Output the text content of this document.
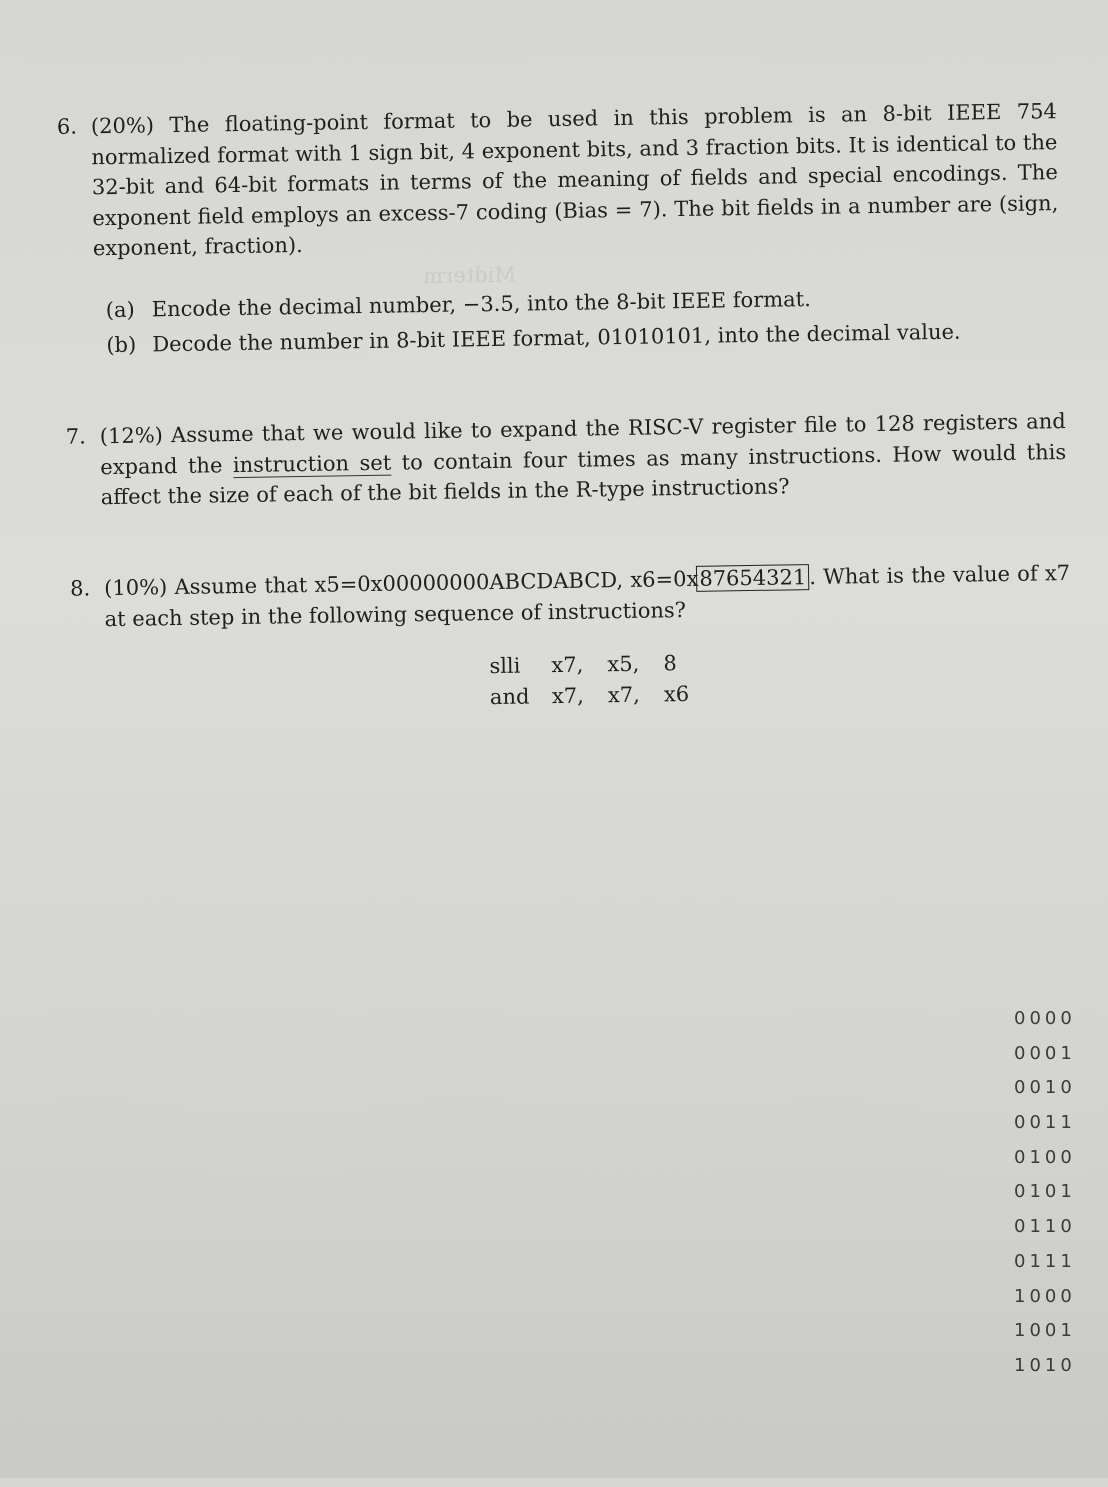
Midterm
6. (20%) The floating-point format to be used in this problem is an 8-bit IEEE 754 normalized format with 1 sign bit, 4 exponent bits, and 3 fraction bits. It is identical to the 32-bit and 64-bit formats in terms of the meaning of fields and special encodings. The exponent field employs an excess-7 coding (Bias = 7). The bit fields in a number are (sign, exponent, fraction).
(a) Encode the decimal number, −3.5, into the 8-bit IEEE format.
(b) Decode the number in 8-bit IEEE format, 01010101, into the decimal value.
7. (12%) Assume that we would like to expand the RISC-V register file to 128 registers and expand the instruction set to contain four times as many instructions. How would this affect the size of each of the bit fields in the R-type instructions?
8. (10%) Assume that x5=0x00000000ABCDABCD, x6=0x87654321 . What is the value of x7 at each step in the following sequence of instructions?
slli	x7,	x5,	8
and	x7,	x7,	x6
0000
0001
0010
0011
0100
0101
0110
0111
1000
1001
1010
